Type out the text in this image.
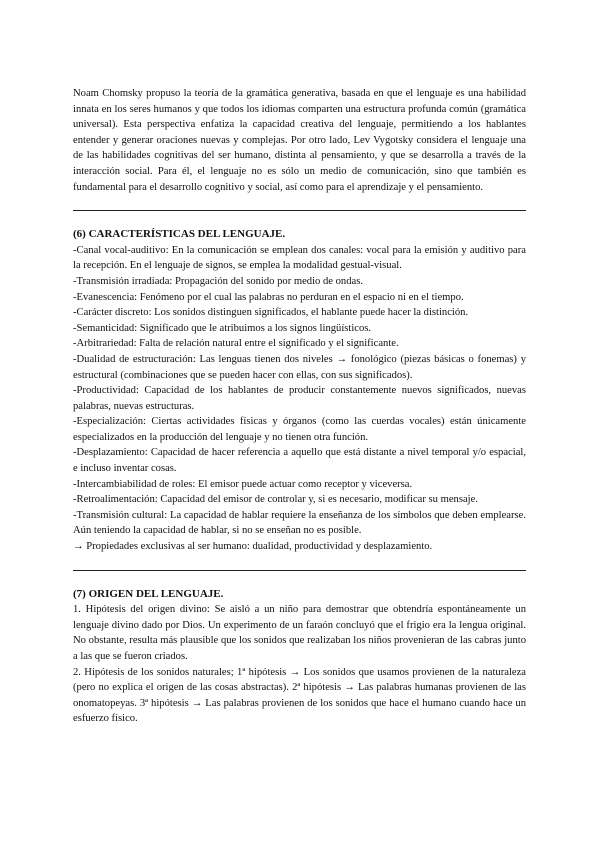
Noam Chomsky propuso la teoría de la gramática generativa, basada en que el lenguaje es una habilidad innata en los seres humanos y que todos los idiomas comparten una estructura profunda común (gramática universal). Esta perspectiva enfatiza la capacidad creativa del lenguaje, permitiendo a los hablantes entender y generar oraciones nuevas y complejas. Por otro lado, Lev Vygotsky considera el lenguaje una de las habilidades cognitivas del ser humano, distinta al pensamiento, y que se desarrolla a través de la interacción social. Para él, el lenguaje no es sólo un medio de comunicación, sino que también es fundamental para el desarrollo cognitivo y social, así como para el aprendizaje y el pensamiento.

(6) CARACTERÍSTICAS DEL LENGUAJE.

-Canal vocal-auditivo: En la comunicación se emplean dos canales: vocal para la emisión y auditivo para la recepción. En el lenguaje de signos, se emplea la modalidad gestual-visual.

-Transmisión irradiada: Propagación del sonido por medio de ondas.

-Evanescencia: Fenómeno por el cual las palabras no perduran en el espacio ni en el tiempo.

-Carácter discreto: Los sonidos distinguen significados, el hablante puede hacer la distinción.

-Semanticidad: Significado que le atribuimos a los signos lingüísticos.

-Arbitrariedad: Falta de relación natural entre el significado y el significante.

-Dualidad de estructuración: Las lenguas tienen dos niveles → fonológico (piezas básicas o fonemas) y estructural (combinaciones que se pueden hacer con ellas, con sus significados).

-Productividad: Capacidad de los hablantes de producir constantemente nuevos significados, nuevas palabras, nuevas estructuras.

-Especialización: Ciertas actividades físicas y órganos (como las cuerdas vocales) están únicamente especializados en la producción del lenguaje y no tienen otra función.

-Desplazamiento: Capacidad de hacer referencia a aquello que está distante a nivel temporal y/o espacial, e incluso inventar cosas.

-Intercambiabilidad de roles: El emisor puede actuar como receptor y viceversa.

-Retroalimentación: Capacidad del emisor de controlar y, si es necesario, modificar su mensaje.

-Transmisión cultural: La capacidad de hablar requiere la enseñanza de los símbolos que deben emplearse. Aún teniendo la capacidad de hablar, si no se enseñan no es posible.

→ Propiedades exclusivas al ser humano: dualidad, productividad y desplazamiento.

(7) ORIGEN DEL LENGUAJE.

1. Hipótesis del origen divino: Se aisló a un niño para demostrar que obtendría espontáneamente un lenguaje divino dado por Dios. Un experimento de un faraón concluyó que el frigio era la lengua original. No obstante, resulta más plausible que los sonidos que realizaban los niños provenieran de las cabras junto a las que se fueron criados.

2. Hipótesis de los sonidos naturales; 1ª hipótesis → Los sonidos que usamos provienen de la naturaleza (pero no explica el origen de las cosas abstractas). 2ª hipótesis → Las palabras humanas provienen de las onomatopeyas. 3ª hipótesis → Las palabras provienen de los sonidos que hace el humano cuando hace un esfuerzo físico.
